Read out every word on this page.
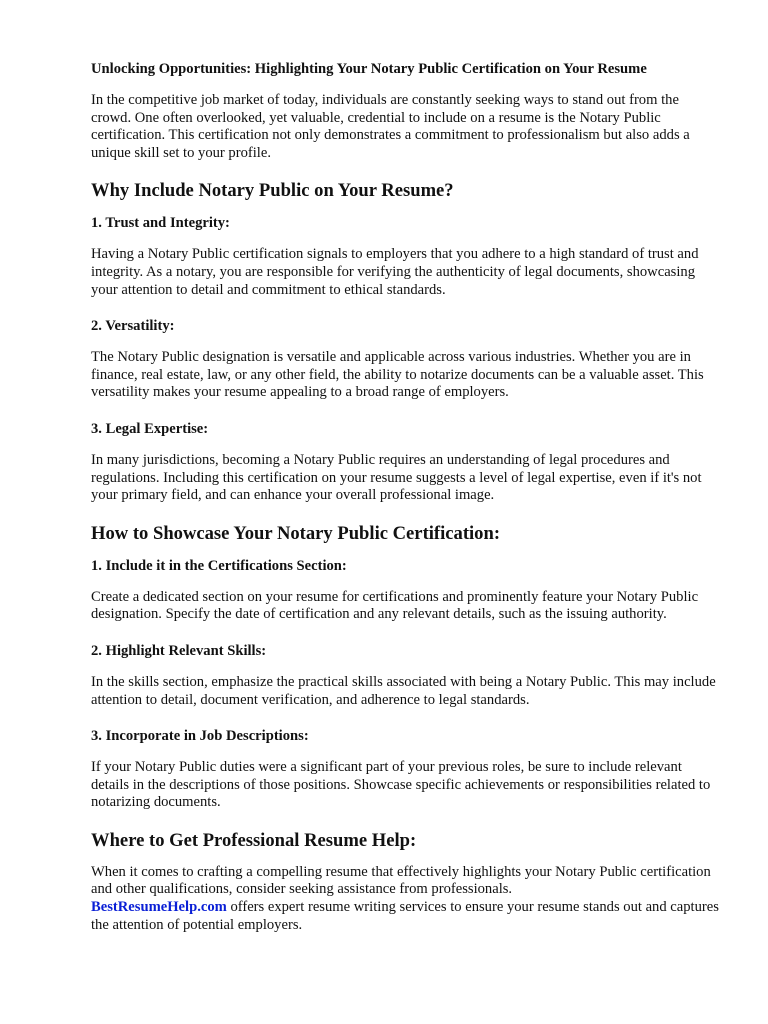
Unlocking Opportunities: Highlighting Your Notary Public Certification on Your Resume

In the competitive job market of today, individuals are constantly seeking ways to stand out from the crowd. One often overlooked, yet valuable, credential to include on a resume is the Notary Public certification. This certification not only demonstrates a commitment to professionalism but also adds a unique skill set to your profile.

Why Include Notary Public on Your Resume?
1. Trust and Integrity:

Having a Notary Public certification signals to employers that you adhere to a high standard of trust and integrity. As a notary, you are responsible for verifying the authenticity of legal documents, showcasing your attention to detail and commitment to ethical standards.

2. Versatility:

The Notary Public designation is versatile and applicable across various industries. Whether you are in finance, real estate, law, or any other field, the ability to notarize documents can be a valuable asset. This versatility makes your resume appealing to a broad range of employers.

3. Legal Expertise:

In many jurisdictions, becoming a Notary Public requires an understanding of legal procedures and regulations. Including this certification on your resume suggests a level of legal expertise, even if it's not your primary field, and can enhance your overall professional image.

How to Showcase Your Notary Public Certification:
1. Include it in the Certifications Section:

Create a dedicated section on your resume for certifications and prominently feature your Notary Public designation. Specify the date of certification and any relevant details, such as the issuing authority.

2. Highlight Relevant Skills:

In the skills section, emphasize the practical skills associated with being a Notary Public. This may include attention to detail, document verification, and adherence to legal standards.

3. Incorporate in Job Descriptions:

If your Notary Public duties were a significant part of your previous roles, be sure to include relevant details in the descriptions of those positions. Showcase specific achievements or responsibilities related to notarizing documents.

Where to Get Professional Resume Help:

When it comes to crafting a compelling resume that effectively highlights your Notary Public certification and other qualifications, consider seeking assistance from professionals.
BestResumeHelp.com offers expert resume writing services to ensure your resume stands out and captures the attention of potential employers.
